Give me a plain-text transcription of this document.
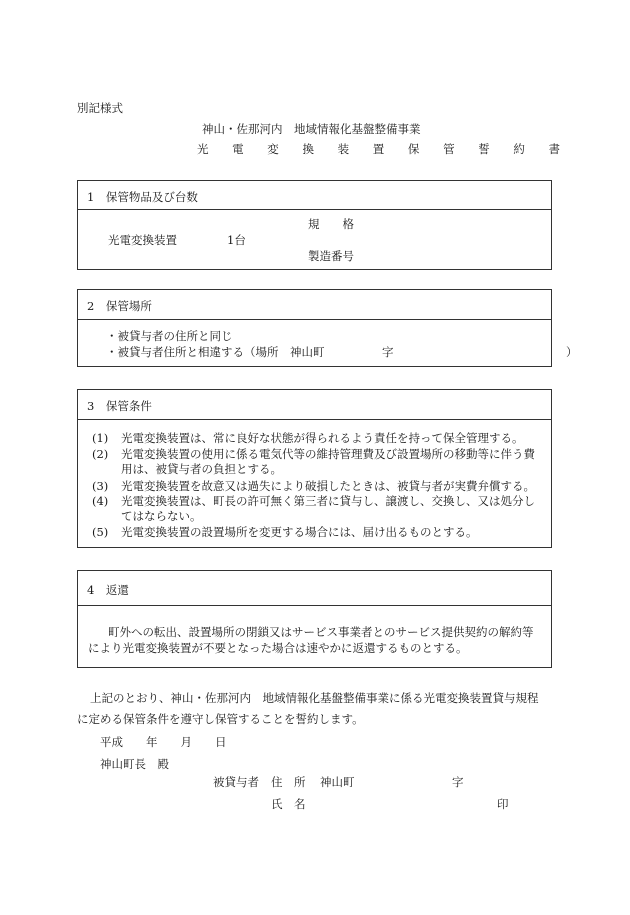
別記様式
神山・佐那河内　地域情報化基盤整備事業
光 電 変 換 装 置 保 管 誓 約 書
1　保管物品及び台数
光電変換装置	1台
規　　格
製造番号
2　保管場所
・被貸与者の住所と同じ
・被貸与者住所と相違する（場所　神山町　　　　　字　　　　　　　　　　　　　　　）
3　保管条件
(1) 光電変換装置は、常に良好な状態が得られるよう責任を持って保全管理する。
(2) 光電変換装置の使用に係る電気代等の維持管理費及び設置場所の移動等に伴う費用は、被貸与者の負担とする。
(3) 光電変換装置を故意又は過失により破損したときは、被貸与者が実費弁償する。
(4) 光電変換装置は、町長の許可無く第三者に貸与し、譲渡し、交換し、又は処分してはならない。
(5) 光電変換装置の設置場所を変更する場合には、届け出るものとする。
4　返還
町外への転出、設置場所の閉鎖又はサービス事業者とのサービス提供契約の解約等
により光電変換装置が不要となった場合は速やかに返還するものとする。
上記のとおり、神山・佐那河内　地域情報化基盤整備事業に係る光電変換装置貸与規程
に定める保管条件を遵守し保管することを誓約します。
平成　　年　　月　　日
神山町長　殿
被貸与者 住　所 神山町	字
氏　名	印
